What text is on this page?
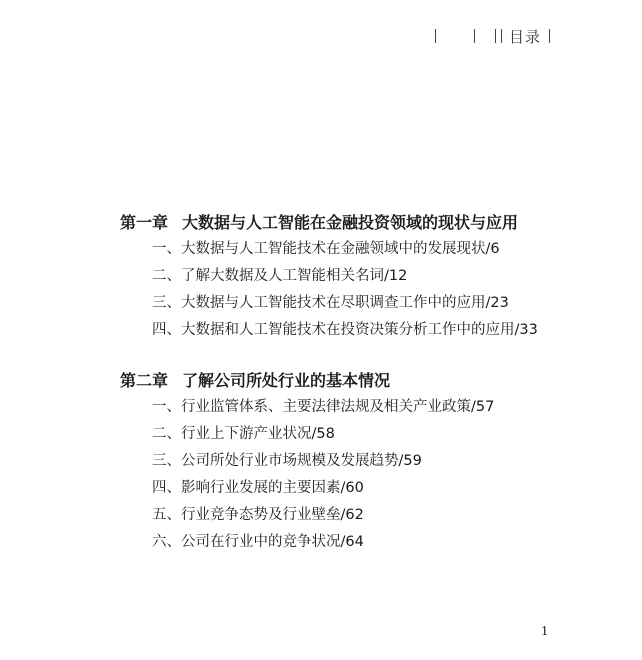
目录
第一章 大数据与人工智能在金融投资领域的现状与应用
一、大数据与人工智能技术在金融领域中的发展现状/6
二、了解大数据及人工智能相关名词/12
三、大数据与人工智能技术在尽职调查工作中的应用/23
四、大数据和人工智能技术在投资决策分析工作中的应用/33
第二章 了解公司所处行业的基本情况
一、行业监管体系、主要法律法规及相关产业政策/57
二、行业上下游产业状况/58
三、公司所处行业市场规模及发展趋势/59
四、影响行业发展的主要因素/60
五、行业竞争态势及行业壁垒/62
六、公司在行业中的竞争状况/64
1
